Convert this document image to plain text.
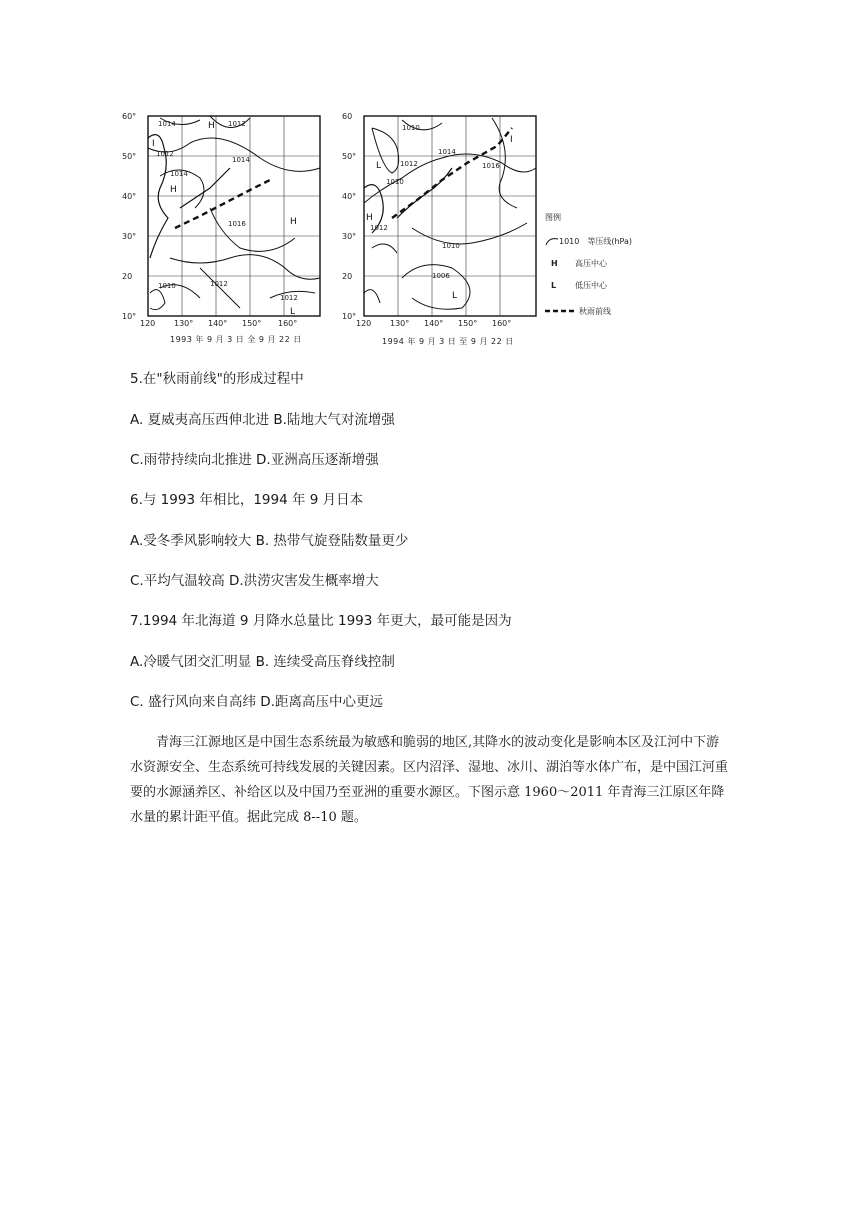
60°
50°
40°
30°
20
10°
120 130° 140° 150° 160°
1014	1012
1012
1014
1014
1016
1012
1010
1012
H
I
H
H
L
1993 年 9 月 3 日 全 9 月 22 日
60
50°
40°
30°
20
10°
120 130° 140° 150° 160°
1010
1012
1014
1016
1010
1012
1010
1006
L
I
H
L
1994 年 9 月 3 日 至 9 月 22 日
图例
1010 等压线(hPa)
H	高压中心
L	低压中心
秋雨前线
5.在"秋雨前线"的形成过程中
A. 夏威夷高压西伸北进 B.陆地大气对流增强
C.雨带持续向北推进 D.亚洲高压逐渐增强
6.与 1993 年相比，1994 年 9 月日本
A.受冬季风影响较大 B. 热带气旋登陆数量更少
C.平均气温较高 D.洪涝灾害发生概率增大
7.1994 年北海道 9 月降水总量比 1993 年更大，最可能是因为
A.冷暖气团交汇明显 B. 连续受高压脊线控制
C. 盛行风向来自高纬 D.距离高压中心更远
青海三江源地区是中国生态系统最为敏感和脆弱的地区,其降水的波动变化是影响本区及江河中下游水资源安全、生态系统可持线发展的关键因素。区内沼泽、湿地、冰川、湖泊等水体广布，是中国江河重要的水源涵养区、补给区以及中国乃至亚洲的重要水源区。下图示意 1960～2011 年青海三江原区年降水量的累计距平值。据此完成 8--10 题。
